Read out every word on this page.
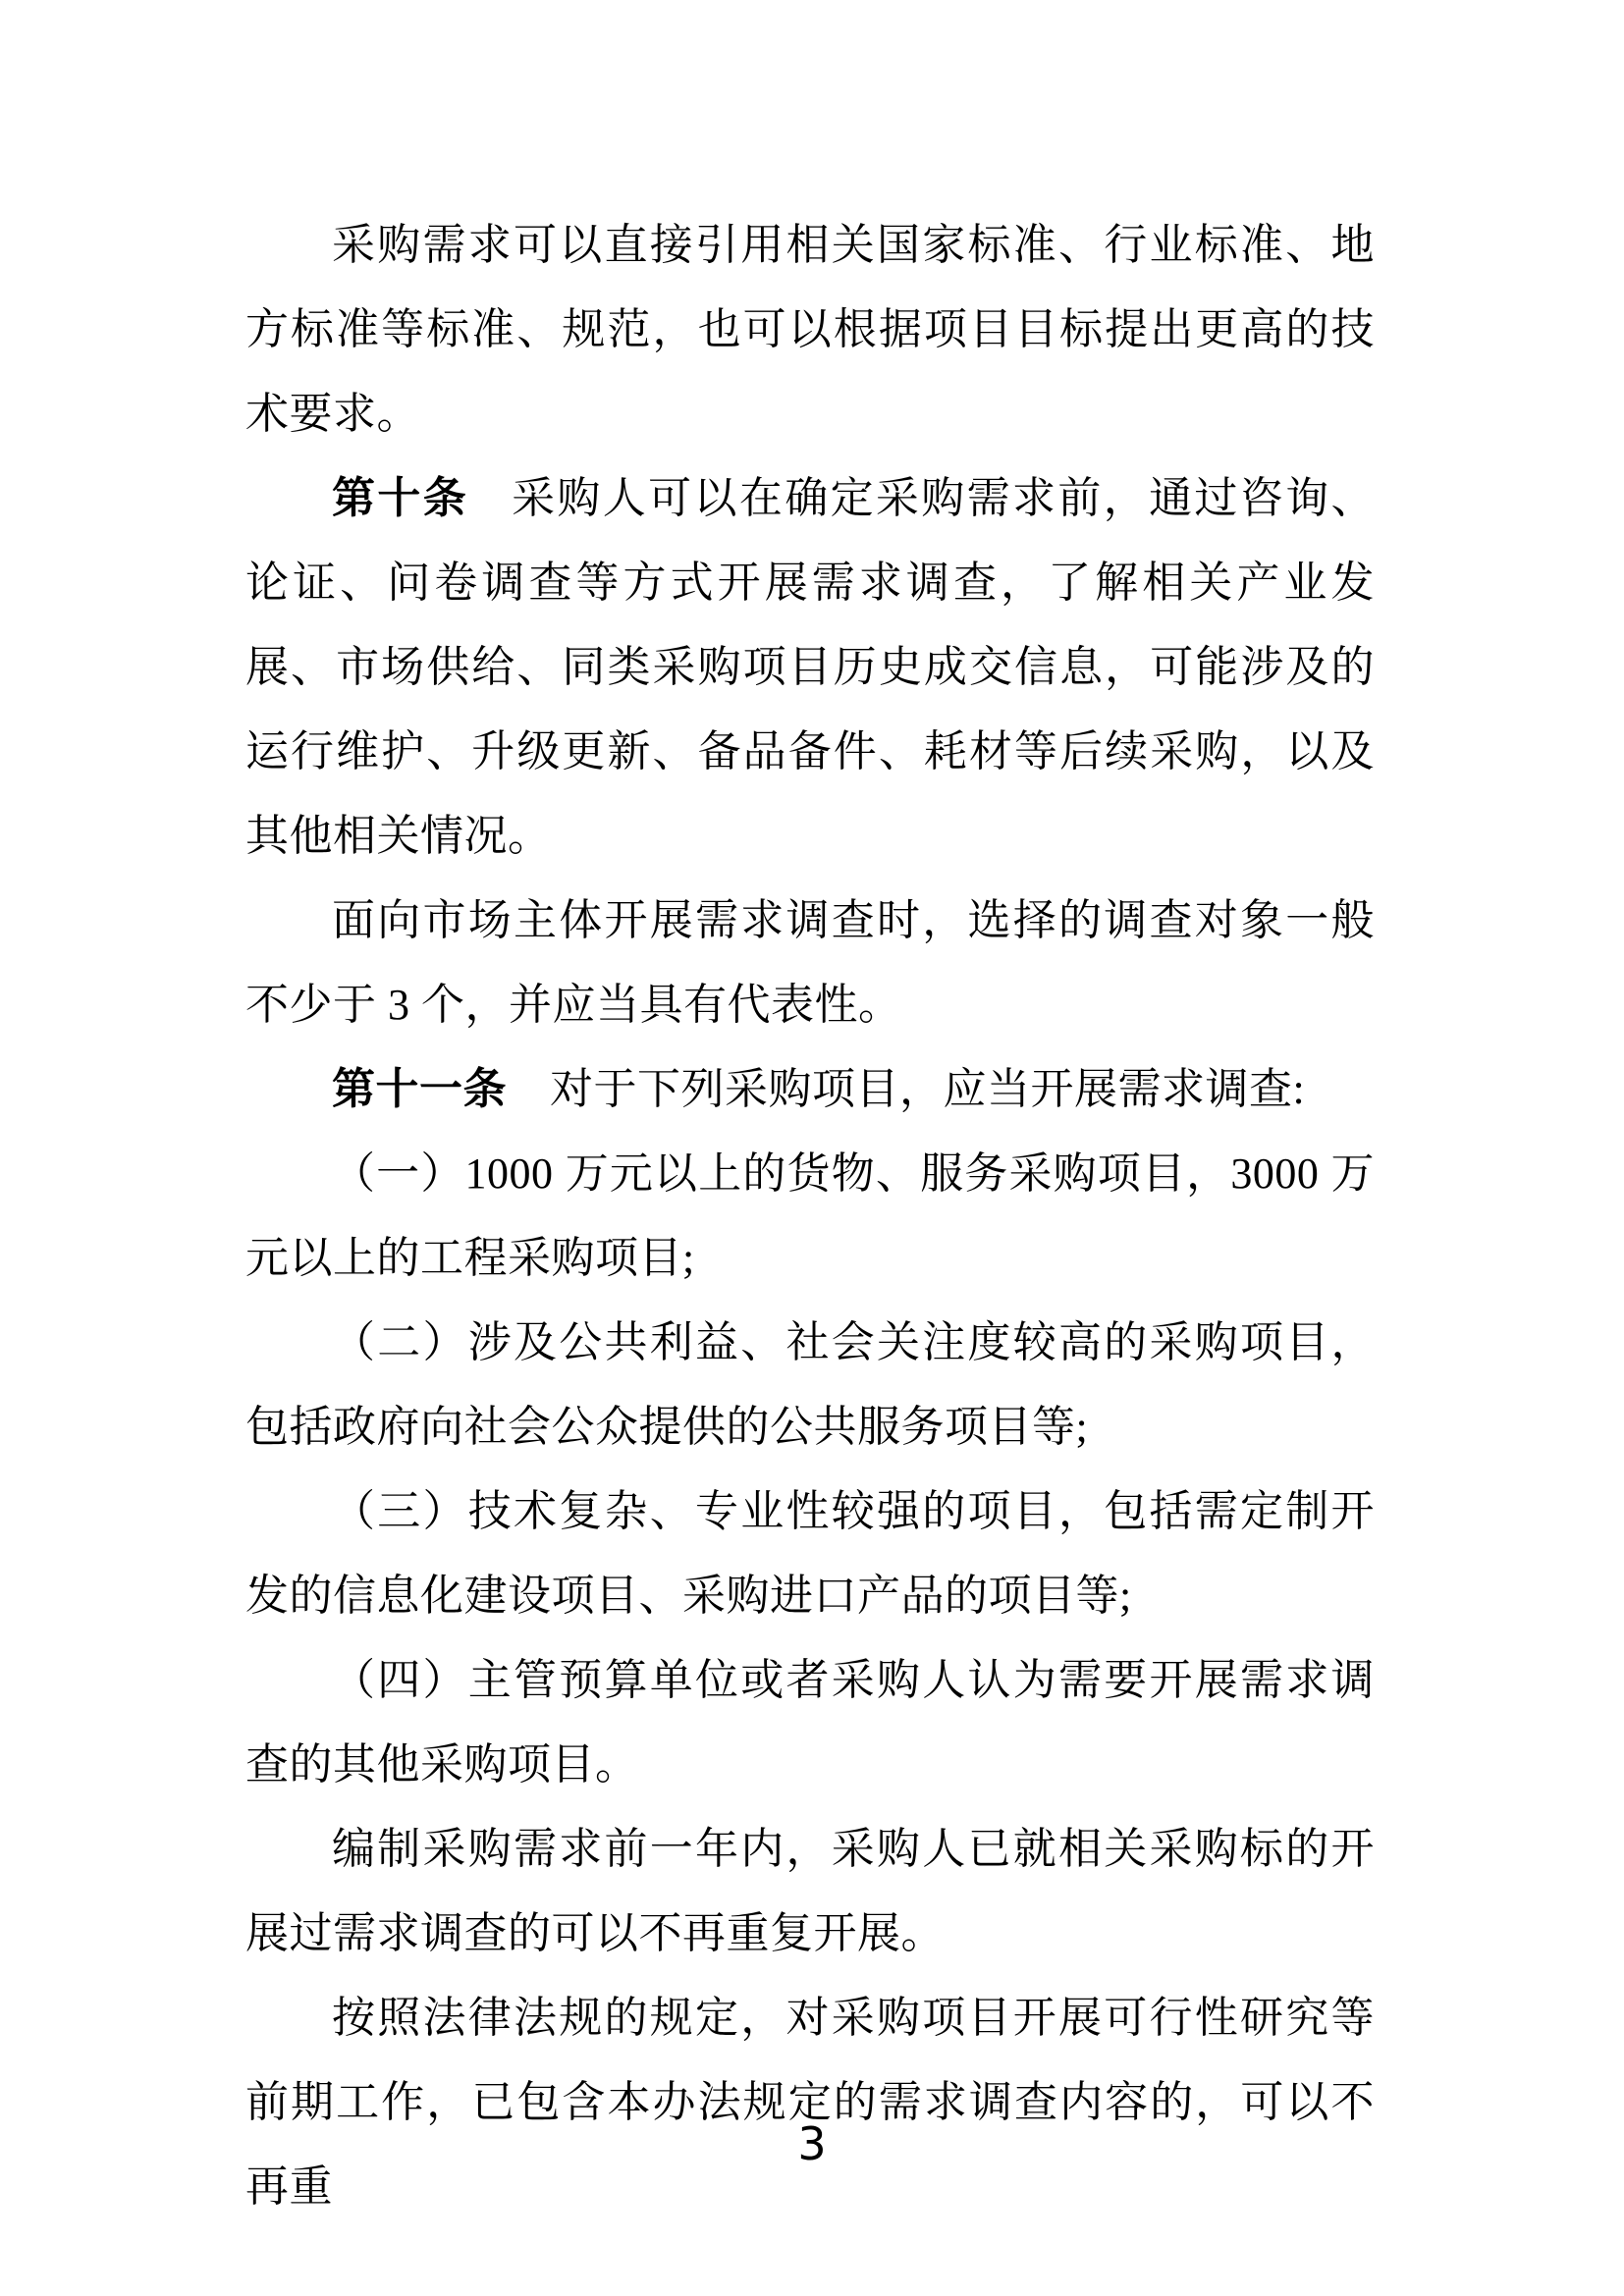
采购需求可以直接引用相关国家标准、行业标准、地方标准等标准、规范，也可以根据项目目标提出更高的技术要求。

第十条 采购人可以在确定采购需求前，通过咨询、论证、问卷调查等方式开展需求调查，了解相关产业发展、市场供给、同类采购项目历史成交信息，可能涉及的运行维护、升级更新、备品备件、耗材等后续采购，以及其他相关情况。

面向市场主体开展需求调查时，选择的调查对象一般不少于 3 个，并应当具有代表性。

第十一条 对于下列采购项目，应当开展需求调查:

（一）1000 万元以上的货物、服务采购项目，3000 万元以上的工程采购项目;

（二）涉及公共利益、社会关注度较高的采购项目，包括政府向社会公众提供的公共服务项目等;

（三）技术复杂、专业性较强的项目，包括需定制开发的信息化建设项目、采购进口产品的项目等;

（四）主管预算单位或者采购人认为需要开展需求调查的其他采购项目。

编制采购需求前一年内，采购人已就相关采购标的开展过需求调查的可以不再重复开展。

按照法律法规的规定，对采购项目开展可行性研究等前期工作，已包含本办法规定的需求调查内容的，可以不再重

3
